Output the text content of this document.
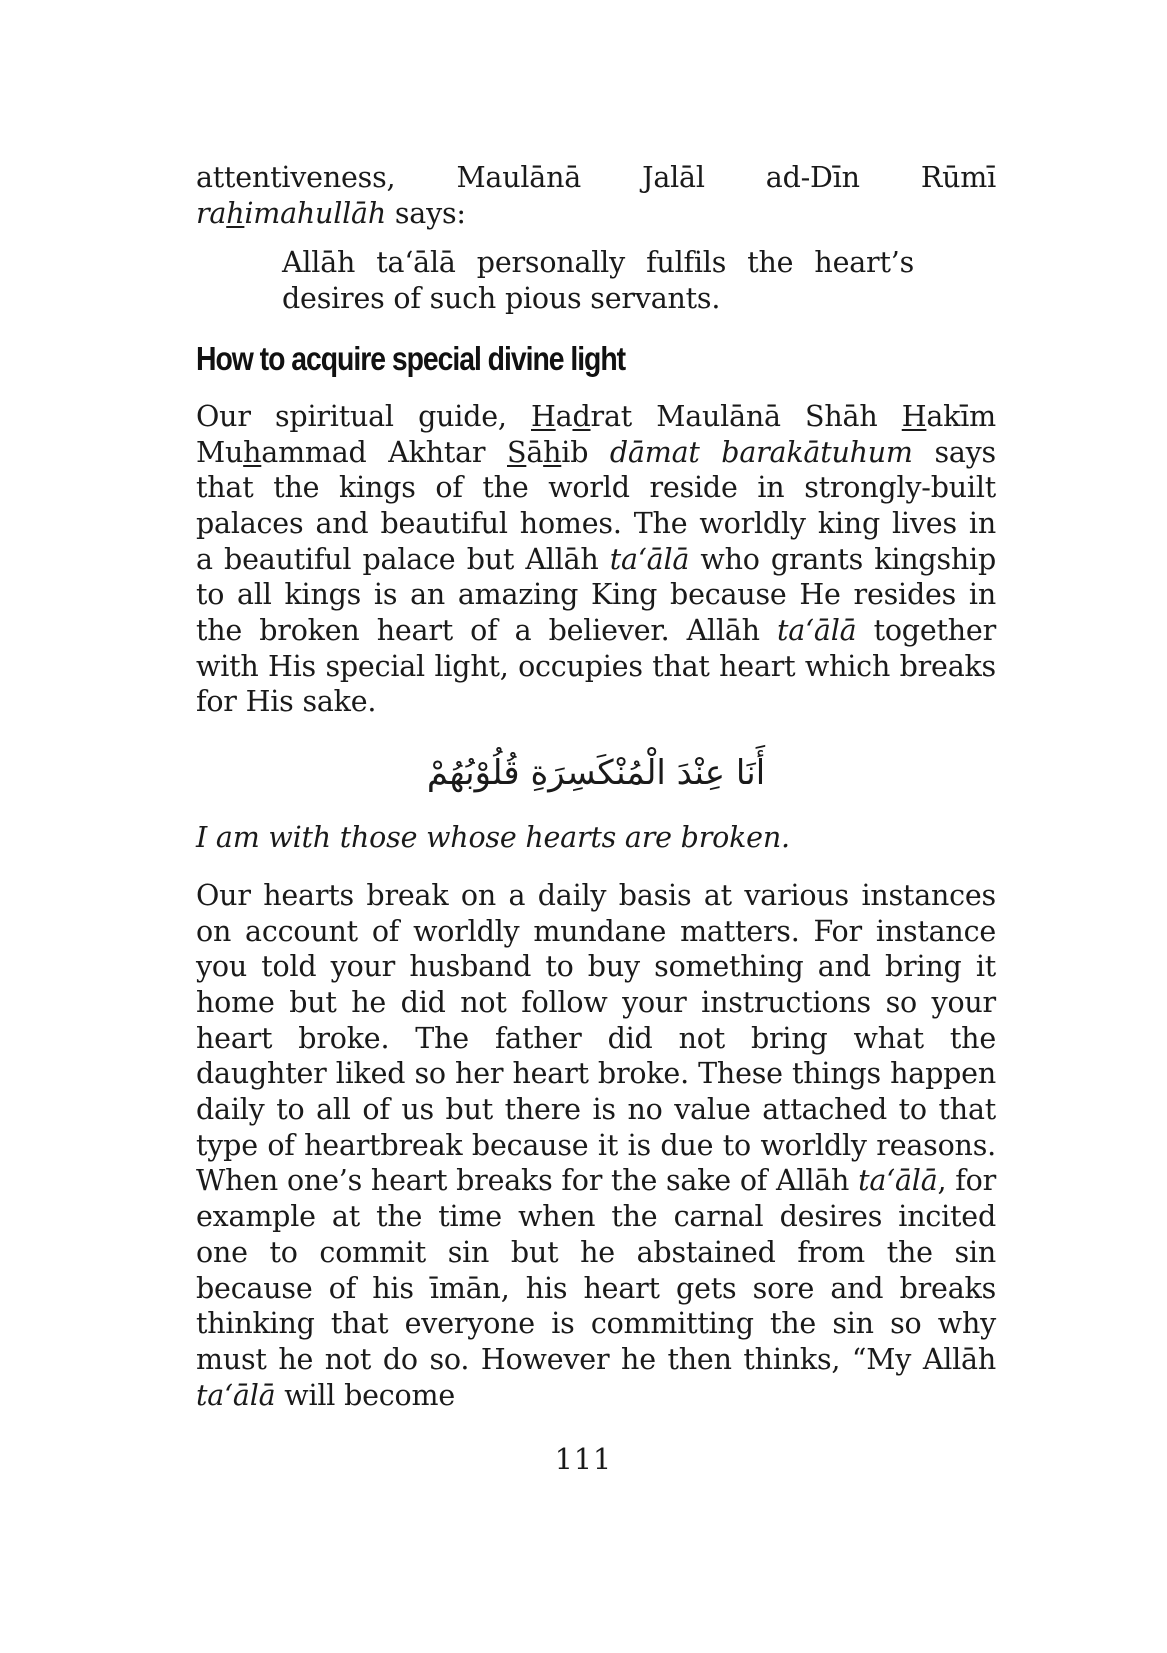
attentiveness, Maulānā Jalāl ad-Dīn Rūmī

rahimahullāh says:

Allāh ta‘ālā personally fulfils the heart’s desires of such pious servants.

How to acquire special divine light

Our spiritual guide, Hadrat Maulānā Shāh Hakīm Muhammad Akhtar Sāhib dāmat barakātuhum says that the kings of the world reside in strongly-built palaces and beautiful homes. The worldly king lives in a beautiful palace but Allāh ta‘ālā who grants kingship to all kings is an amazing King because He resides in the broken heart of a believer. Allāh ta‘ālā together with His special light, occupies that heart which breaks for His sake.

أَنَا عِنْدَ الْمُنْكَسِرَةِ قُلُوْبُهُمْ

I am with those whose hearts are broken.

Our hearts break on a daily basis at various instances on account of worldly mundane matters. For instance you told your husband to buy something and bring it home but he did not follow your instructions so your heart broke. The father did not bring what the daughter liked so her heart broke. These things happen daily to all of us but there is no value attached to that type of heartbreak because it is due to worldly reasons. When one’s heart breaks for the sake of Allāh ta‘ālā, for example at the time when the carnal desires incited one to commit sin but he abstained from the sin because of his īmān, his heart gets sore and breaks thinking that everyone is committing the sin so why must he not do so. However he then thinks, “My Allāh ta‘ālā will become

111
